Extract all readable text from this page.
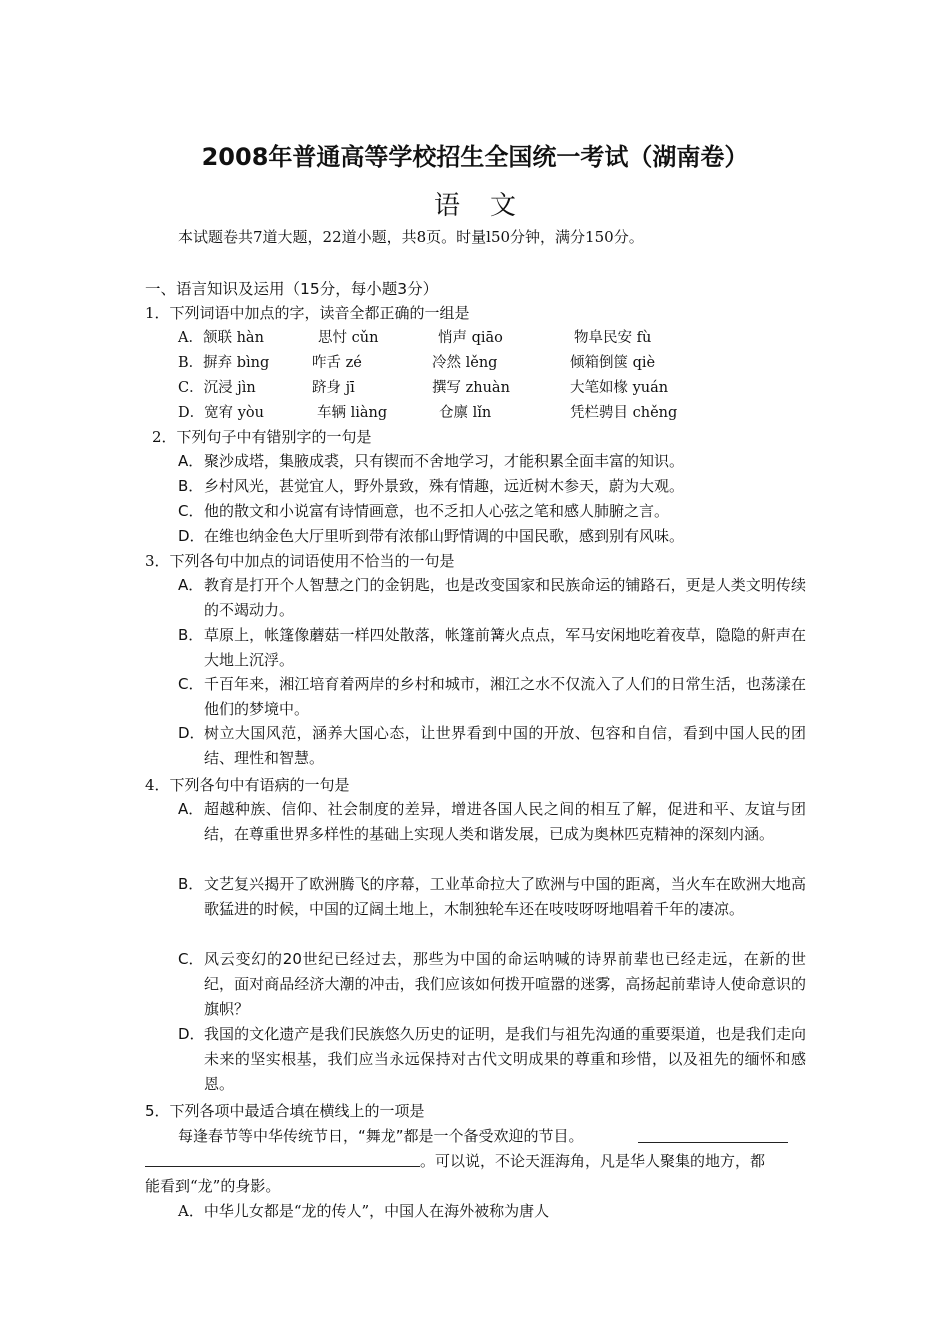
2008年普通高等学校招生全国统一考试（湖南卷）
语文
本试题卷共7道大题，22道小题，共8页。时量l50分钟，满分150分。
一、语言知识及运用（15分，每小题3分）
1．下列词语中加点的字，读音全都正确的一组是
A．颔联 hàn	思忖 cǔn	悄声 qiāo	物阜民安 fù
B．摒弃 bìng	咋舌 zé	冷然 lěng	倾箱倒箧 qiè
C．沉浸 jìn	跻身 jī	撰写 zhuàn	大笔如椽 yuán
D．宽宥 yòu	车辆 liàng	仓廪 lǐn	凭栏骋目 chěng
2．下列句子中有错别字的一句是
A． 聚沙成塔，集腋成裘，只有锲而不舍地学习，才能积累全面丰富的知识。
B． 乡村风光，甚觉宜人，野外景致，殊有情趣，远近树木参天，蔚为大观。
C． 他的散文和小说富有诗情画意，也不乏扣人心弦之笔和感人肺腑之言。
D． 在维也纳金色大厅里听到带有浓郁山野情调的中国民歌，感到别有风味。
3．下列各句中加点的词语使用不恰当的一句是
A． 教育是打开个人智慧之门的金钥匙，也是改变国家和民族命运的铺路石，更是人类文明传续的不竭动力。
B． 草原上，帐篷像蘑菇一样四处散落，帐篷前篝火点点，军马安闲地吃着夜草，隐隐的鼾声在大地上沉浮。
C． 千百年来，湘江培育着两岸的乡村和城市，湘江之水不仅流入了人们的日常生活，也荡漾在他们的梦境中。
D． 树立大国风范，涵养大国心态，让世界看到中国的开放、包容和自信，看到中国人民的团结、理性和智慧。
4．下列各句中有语病的一句是
A． 超越种族、信仰、社会制度的差异，增进各国人民之间的相互了解，促进和平、友谊与团结，在尊重世界多样性的基础上实现人类和谐发展，已成为奥林匹克精神的深刻内涵。
B． 文艺复兴揭开了欧洲腾飞的序幕，工业革命拉大了欧洲与中国的距离，当火车在欧洲大地高歌猛进的时候，中国的辽阔土地上，木制独轮车还在吱吱呀呀地唱着千年的凄凉。
C． 风云变幻的20世纪已经过去，那些为中国的命运呐喊的诗界前辈也已经走远，在新的世纪，面对商品经济大潮的冲击，我们应该如何拨开喧嚣的迷雾，高扬起前辈诗人使命意识的旗帜？
D． 我国的文化遗产是我们民族悠久历史的证明，是我们与祖先沟通的重要渠道，也是我们走向未来的坚实根基，我们应当永远保持对古代文明成果的尊重和珍惜，以及祖先的缅怀和感恩。
5．下列各项中最适合填在横线上的一项是
每逢春节等中华传统节日，“舞龙”都是一个备受欢迎的节目。
。可以说，不论天涯海角，凡是华人聚集的地方，都
能看到“龙”的身影。
A．中华儿女都是“龙的传人”，中国人在海外被称为唐人
